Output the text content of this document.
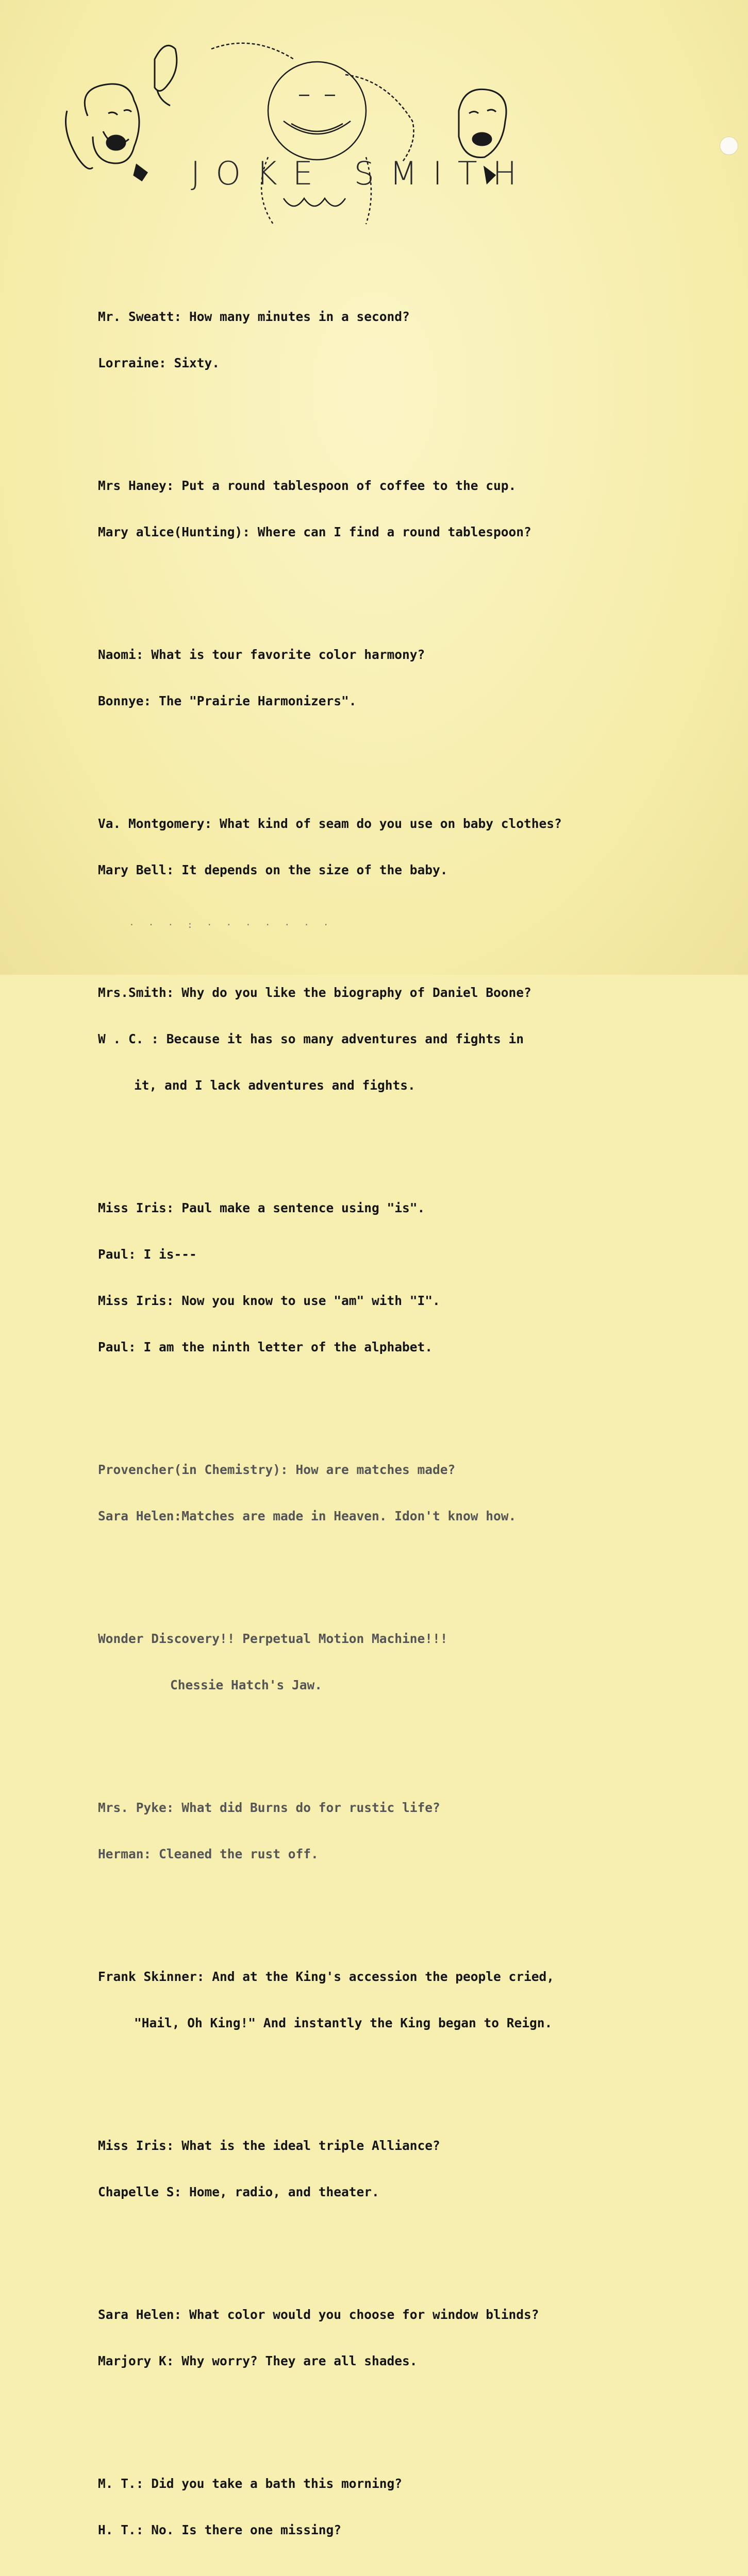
JOKE SMITH

Mr. Sweatt: How many minutes in a second?

Lorraine: Sixty.

Mrs Haney: Put a round tablespoon of coffee to the cup.

Mary alice(Hunting): Where can I find a round tablespoon?

Naomi: What is tour favorite color harmony?

Bonnye: The "Prairie Harmonizers".

Va. Montgomery: What kind of seam do you use on baby clothes?

Mary Bell: It depends on the size of the baby.

Mrs.Smith: Why do you like the biography of Daniel Boone?

W . C. : Because it has so many adventures and fights in

it, and I lack adventures and fights.

Miss Iris: Paul make a sentence using "is".

Paul: I is---

Miss Iris: Now you know to use "am" with "I".

Paul: I am the ninth letter of the alphabet.

Provencher(in Chemistry): How are matches made?

Sara Helen:Matches are made in Heaven. Idon't know how.

Wonder Discovery!! Perpetual Motion Machine!!!

Chessie Hatch's Jaw.

Mrs. Pyke: What did Burns do for rustic life?

Herman: Cleaned the rust off.

Frank Skinner: And at the King's accession the people cried,

"Hail, Oh King!" And instantly the King began to Reign.

Miss Iris: What is the ideal triple Alliance?

Chapelle S: Home, radio, and theater.

Sara Helen: What color would you choose for window blinds?

Marjory K: Why worry? They are all shades.

M. T.: Did you take a bath this morning?

H. T.: No. Is there one missing?

· · · : · · · · · · ·
